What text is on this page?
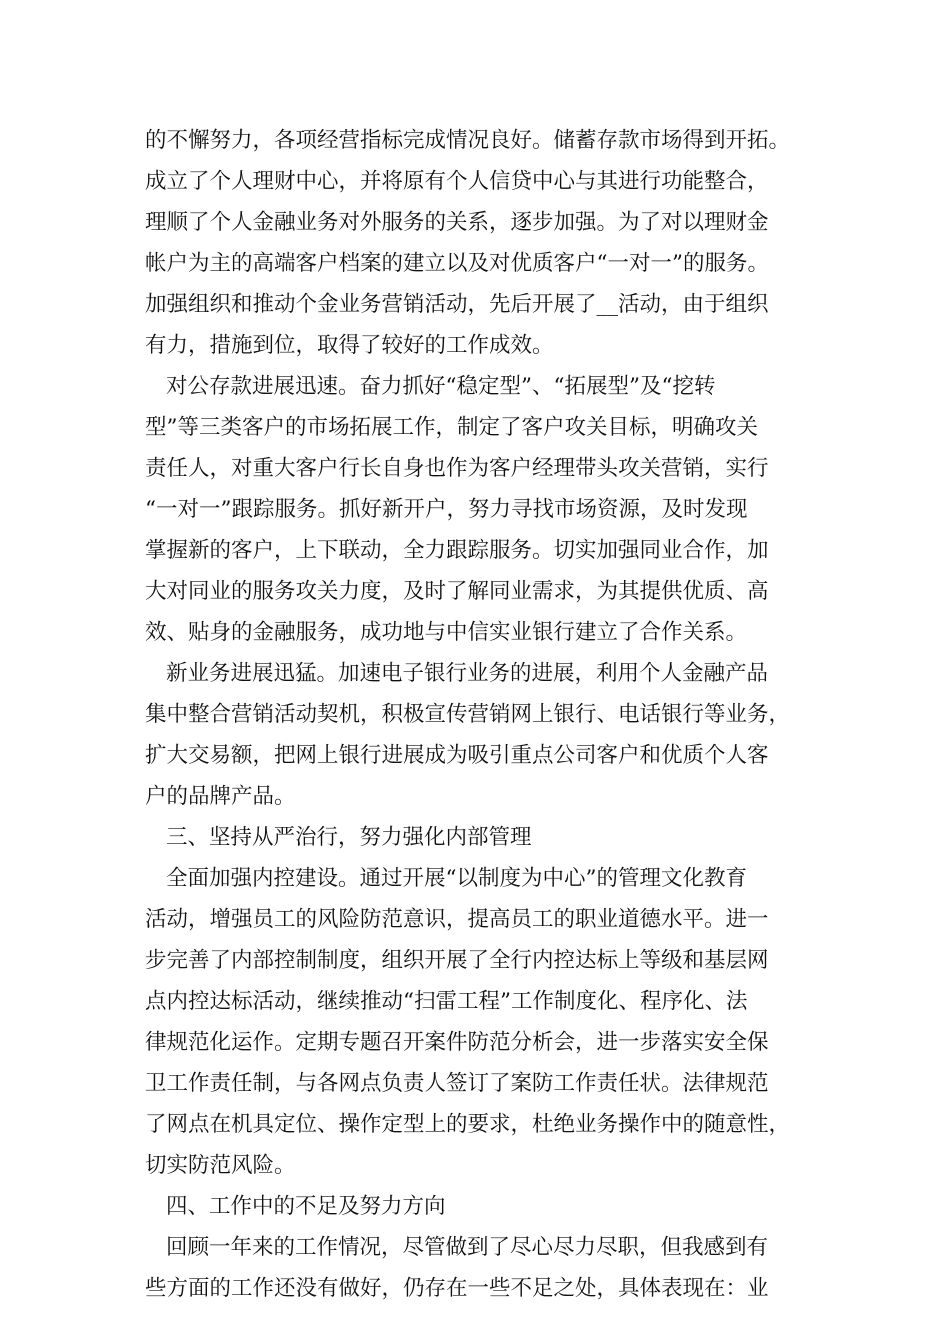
的不懈努力，各项经营指标完成情况良好。储蓄存款市场得到开拓。
成立了个人理财中心，并将原有个人信贷中心与其进行功能整合，
理顺了个人金融业务对外服务的关系，逐步加强。为了对以理财金
帐户为主的高端客户档案的建立以及对优质客户“一对一”的服务。
加强组织和推动个金业务营销活动，先后开展了__活动，由于组织
有力，措施到位，取得了较好的工作成效。
对公存款进展迅速。奋力抓好“稳定型”、“拓展型”及“挖转
型”等三类客户的市场拓展工作，制定了客户攻关目标，明确攻关
责任人，对重大客户行长自身也作为客户经理带头攻关营销，实行
“一对一”跟踪服务。抓好新开户，努力寻找市场资源，及时发现
掌握新的客户，上下联动，全力跟踪服务。切实加强同业合作，加
大对同业的服务攻关力度，及时了解同业需求，为其提供优质、高
效、贴身的金融服务，成功地与中信实业银行建立了合作关系。
新业务进展迅猛。加速电子银行业务的进展，利用个人金融产品
集中整合营销活动契机，积极宣传营销网上银行、电话银行等业务，
扩大交易额，把网上银行进展成为吸引重点公司客户和优质个人客
户的品牌产品。
三、坚持从严治行，努力强化内部管理
全面加强内控建设。通过开展“以制度为中心”的管理文化教育
活动，增强员工的风险防范意识，提高员工的职业道德水平。进一
步完善了内部控制制度，组织开展了全行内控达标上等级和基层网
点内控达标活动，继续推动“扫雷工程”工作制度化、程序化、法
律规范化运作。定期专题召开案件防范分析会，进一步落实安全保
卫工作责任制，与各网点负责人签订了案防工作责任状。法律规范
了网点在机具定位、操作定型上的要求，杜绝业务操作中的随意性，
切实防范风险。
四、工作中的不足及努力方向
回顾一年来的工作情况，尽管做到了尽心尽力尽职，但我感到有
些方面的工作还没有做好，仍存在一些不足之处，具体表现在：业
